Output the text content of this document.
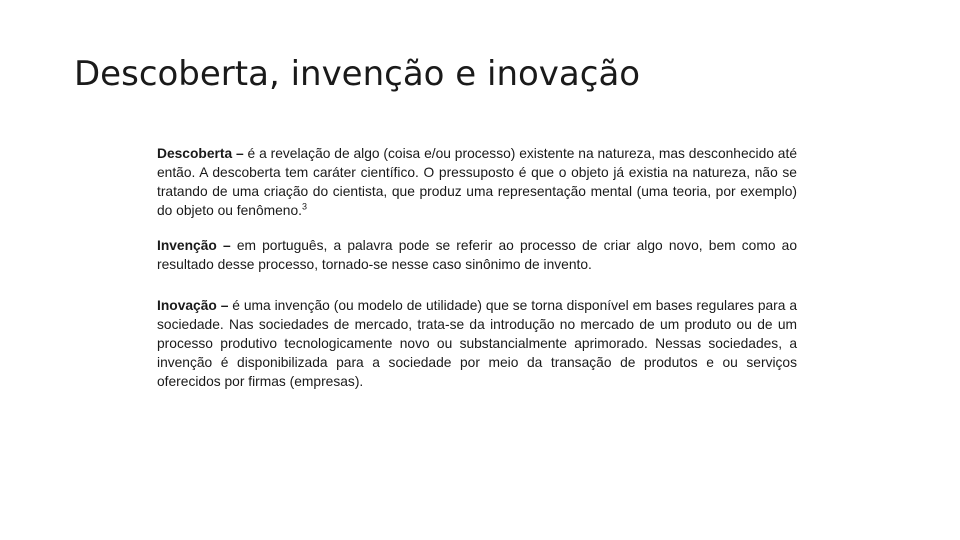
Descoberta, invenção e inovação

Descoberta – é a revelação de algo (coisa e/ou processo) existente na natureza, mas desconhecido até então. A descoberta tem caráter científico. O pressuposto é que o objeto já existia na natureza, não se tratando de uma criação do cientista, que produz uma representação mental (uma teoria, por exemplo) do objeto ou fenômeno.$^3$

Invenção – em português, a palavra pode se referir ao processo de criar algo novo, bem como ao resultado desse processo, tornado-se nesse caso sinônimo de invento.

Inovação – é uma invenção (ou modelo de utilidade) que se torna disponível em bases regulares para a sociedade. Nas sociedades de mercado, trata-se da introdução no mercado de um produto ou de um processo produtivo tecnologicamente novo ou substancialmente aprimorado. Nessas sociedades, a invenção é disponibilizada para a sociedade por meio da transação de produtos e ou serviços oferecidos por firmas (empresas).
